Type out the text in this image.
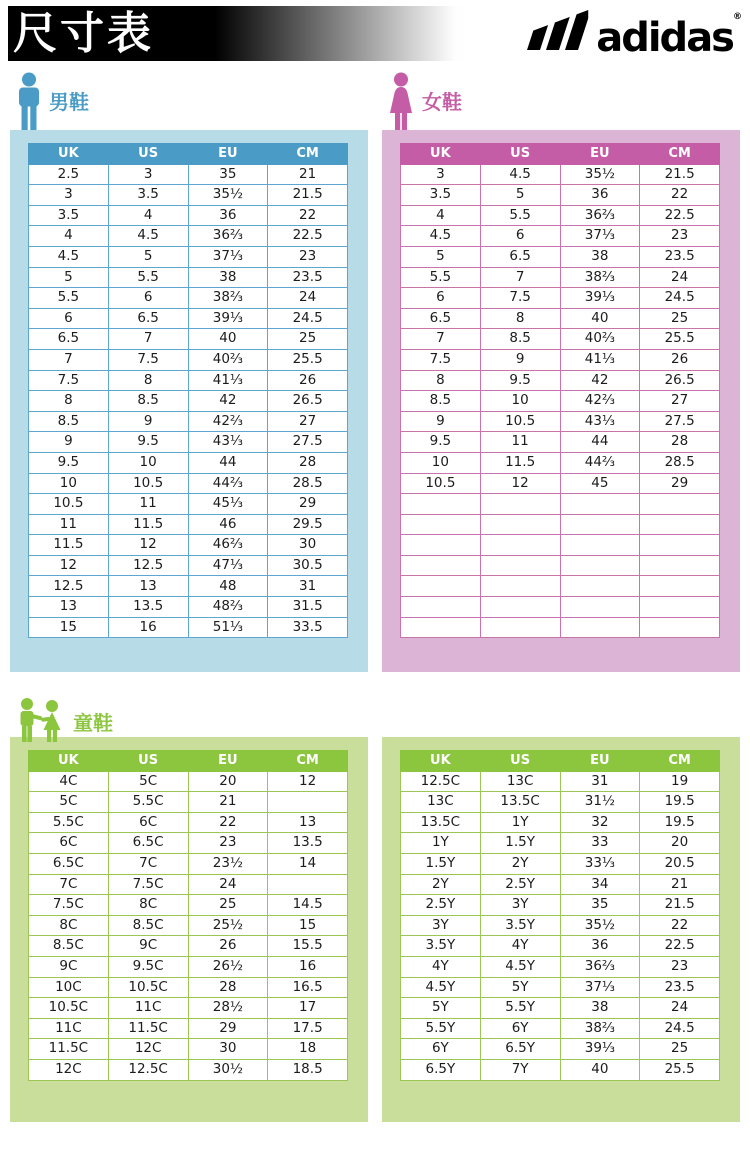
尺寸表	adidas ®
男鞋	女鞋
童鞋
UK	US	EU	CM
2.5	3	35	21
3	3.5	35½	21.5
3.5	4	36	22
4	4.5	36⅔	22.5
4.5	5	37⅓	23
5	5.5	38	23.5
5.5	6	38⅔	24
6	6.5	39⅓	24.5
6.5	7	40	25
7	7.5	40⅔	25.5
7.5	8	41⅓	26
8	8.5	42	26.5
8.5	9	42⅔	27
9	9.5	43⅓	27.5
9.5	10	44	28
10	10.5	44⅔	28.5
10.5	11	45⅓	29
11	11.5	46	29.5
11.5	12	46⅔	30
12	12.5	47⅓	30.5
12.5	13	48	31
13	13.5	48⅔	31.5
15	16	51⅓	33.5
UK	US	EU	CM
3	4.5	35½	21.5
3.5	5	36	22
4	5.5	36⅔	22.5
4.5	6	37⅓	23
5	6.5	38	23.5
5.5	7	38⅔	24
6	7.5	39⅓	24.5
6.5	8	40	25
7	8.5	40⅔	25.5
7.5	9	41⅓	26
8	9.5	42	26.5
8.5	10	42⅔	27
9	10.5	43⅓	27.5
9.5	11	44	28
10	11.5	44⅔	28.5
10.5	12	45	29

UK	US	EU	CM
4C	5C	20	12
5C	5.5C	21	
5.5C	6C	22	13
6C	6.5C	23	13.5
6.5C	7C	23½	14
7C	7.5C	24	
7.5C	8C	25	14.5
8C	8.5C	25½	15
8.5C	9C	26	15.5
9C	9.5C	26½	16
10C	10.5C	28	16.5
10.5C	11C	28½	17
11C	11.5C	29	17.5
11.5C	12C	30	18
12C	12.5C	30½	18.5
UK	US	EU	CM
12.5C	13C	31	19
13C	13.5C	31½	19.5
13.5C	1Y	32	19.5
1Y	1.5Y	33	20
1.5Y	2Y	33⅓	20.5
2Y	2.5Y	34	21
2.5Y	3Y	35	21.5
3Y	3.5Y	35½	22
3.5Y	4Y	36	22.5
4Y	4.5Y	36⅔	23
4.5Y	5Y	37⅓	23.5
5Y	5.5Y	38	24
5.5Y	6Y	38⅔	24.5
6Y	6.5Y	39⅓	25
6.5Y	7Y	40	25.5
